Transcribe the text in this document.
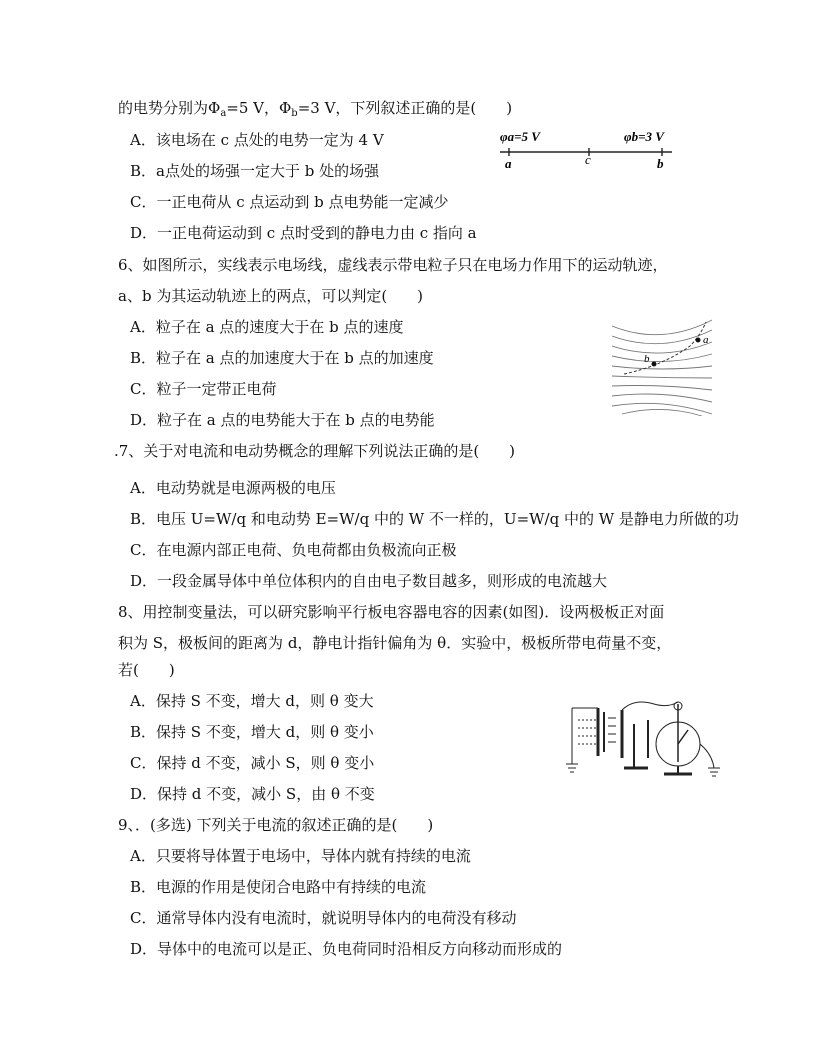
的电势分别为$\Phi_a=5$ V，$\Phi_b=3$ V，下列叙述正确的是(　　)
A．该电场在 c 点处的电势一定为 4 V
B．a点处的场强一定大于 b 处的场强
C．一正电荷从 c 点运动到 b 点电势能一定减少
D．一正电荷运动到 c 点时受到的静电力由 c 指向 a
φa=5 V	φb=3 V
a	c	b
6、如图所示，实线表示电场线，虚线表示带电粒子只在电场力作用下的运动轨迹，
a、b 为其运动轨迹上的两点，可以判定(　　)
A．粒子在 a 点的速度大于在 b 点的速度
B．粒子在 a 点的加速度大于在 b 点的加速度
C．粒子一定带正电荷
D．粒子在 a 点的电势能大于在 b 点的电势能
a
b
.7、关于对电流和电动势概念的理解下列说法正确的是(　　)
A．电动势就是电源两极的电压
B．电压 U=W/q 和电动势 E=W/q 中的 W 不一样的，U=W/q 中的 W 是静电力所做的功
C．在电源内部正电荷、负电荷都由负极流向正极
D．一段金属导体中单位体积内的自由电子数目越多，则形成的电流越大
8、用控制变量法，可以研究影响平行板电容器电容的因素(如图)．设两极板正对面
积为 S，极板间的距离为 d，静电计指针偏角为 θ．实验中，极板所带电荷量不变，
若(　　)
A．保持 S 不变，增大 d，则 θ 变大
B．保持 S 不变，增大 d，则 θ 变小
C．保持 d 不变，减小 S，则 θ 变小
D．保持 d 不变，减小 S，由 θ 不变
9、．(多选) 下列关于电流的叙述正确的是(　　)
A．只要将导体置于电场中，导体内就有持续的电流
B．电源的作用是使闭合电路中有持续的电流
C．通常导体内没有电流时，就说明导体内的电荷没有移动
D．导体中的电流可以是正、负电荷同时沿相反方向移动而形成的
